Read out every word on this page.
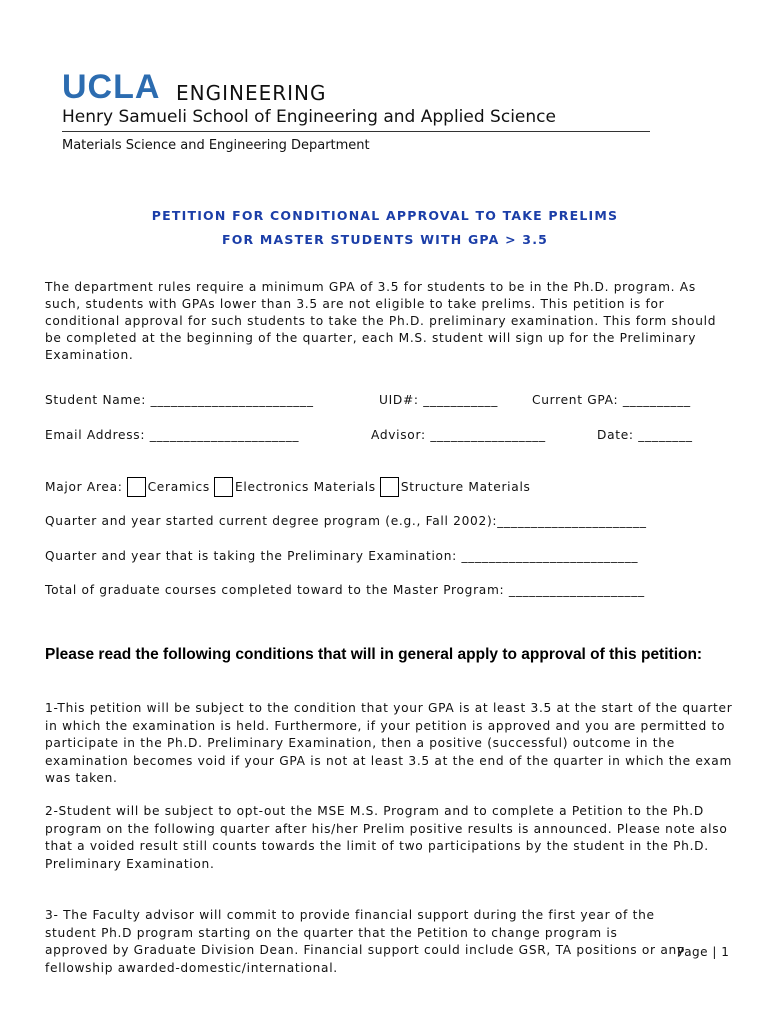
UCLA ENGINEERING
Henry Samueli School of Engineering and Applied Science
Materials Science and Engineering Department
PETITION FOR CONDITIONAL APPROVAL TO TAKE PRELIMS
FOR MASTER STUDENTS WITH GPA > 3.5
The department rules require a minimum GPA of 3.5 for students to be in the Ph.D. program. As such, students with GPAs lower than 3.5 are not eligible to take prelims. This petition is for conditional approval for such students to take the Ph.D. preliminary examination. This form should be completed at the beginning of the quarter, each M.S. student will sign up for the Preliminary Examination.
Student Name: ________________________	UID#: ___________	Current GPA: __________
Email Address: ______________________	Advisor: _________________	Date: ________
Major Area: Ceramics Electronics Materials Structure Materials
Quarter and year started current degree program (e.g., Fall 2002):______________________
Quarter and year that is taking the Preliminary Examination: __________________________
Total of graduate courses completed toward to the Master Program: ____________________
Please read the following conditions that will in general apply to approval of this petition:
1-This petition will be subject to the condition that your GPA is at least 3.5 at the start of the quarter in which the examination is held. Furthermore, if your petition is approved and you are permitted to participate in the Ph.D. Preliminary Examination, then a positive (successful) outcome in the examination becomes void if your GPA is not at least 3.5 at the end of the quarter in which the exam was taken.
2-Student will be subject to opt-out the MSE M.S. Program and to complete a Petition to the Ph.D program on the following quarter after his/her Prelim positive results is announced. Please note also that a voided result still counts towards the limit of two participations by the student in the Ph.D. Preliminary Examination.
3- The Faculty advisor will commit to provide financial support during the first year of the student Ph.D program starting on the quarter that the Petition to change program is approved by Graduate Division Dean. Financial support could include GSR, TA positions or any fellowship awarded-domestic/international.
Page | 1
